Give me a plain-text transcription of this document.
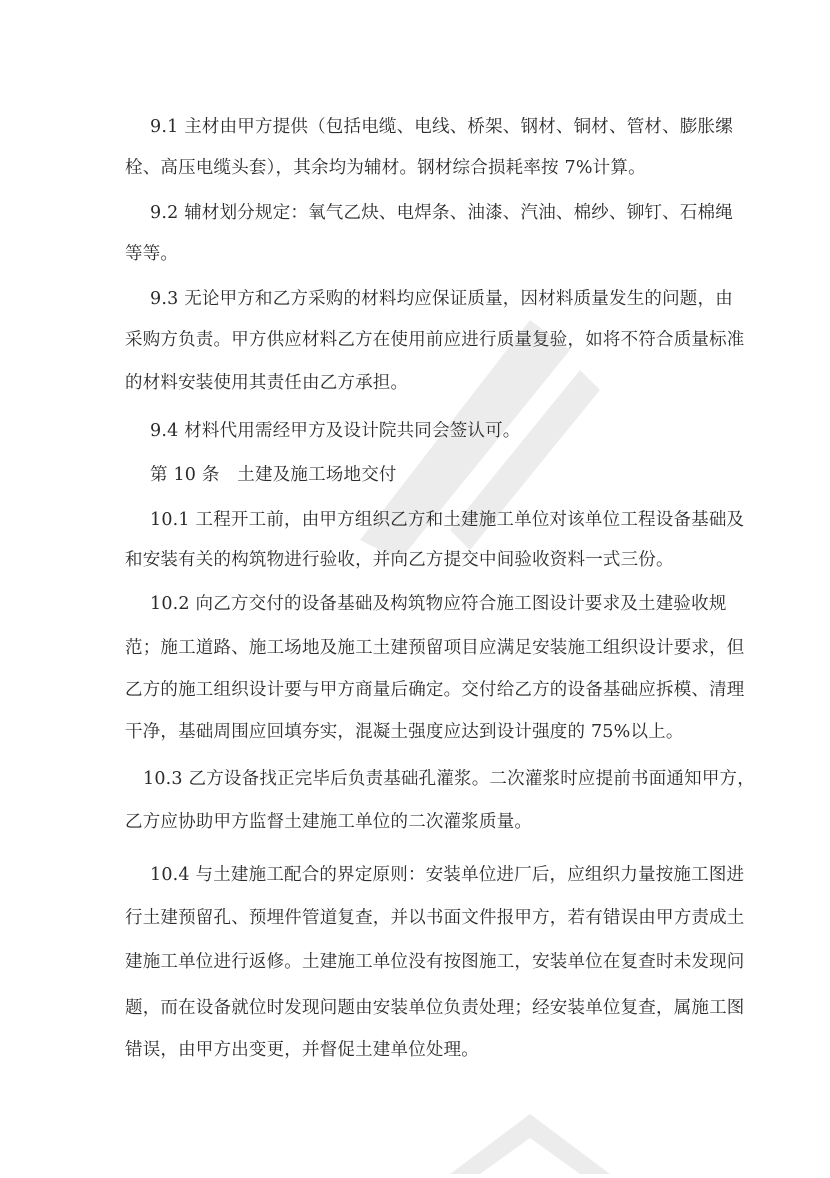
9.1 主材由甲方提供（包括电缆、电线、桥架、钢材、铜材、管材、膨胀缧
栓、高压电缆头套），其余均为辅材。钢材综合损耗率按 7%计算。
9.2 辅材划分规定：氧气乙炔、电焊条、油漆、汽油、棉纱、铆钉、石棉绳
等等。
9.3 无论甲方和乙方采购的材料均应保证质量，因材料质量发生的问题，由
采购方负责。甲方供应材料乙方在使用前应进行质量复验，如将不符合质量标准
的材料安装使用其责任由乙方承担。
9.4 材料代用需经甲方及设计院共同会签认可。
第 10 条　土建及施工场地交付
10.1 工程开工前，由甲方组织乙方和土建施工单位对该单位工程设备基础及
和安装有关的构筑物进行验收，并向乙方提交中间验收资料一式三份。
10.2 向乙方交付的设备基础及构筑物应符合施工图设计要求及土建验收规
范；施工道路、施工场地及施工土建预留项目应满足安装施工组织设计要求，但
乙方的施工组织设计要与甲方商量后确定。交付给乙方的设备基础应拆模、清理
干净，基础周围应回填夯实，混凝土强度应达到设计强度的 75%以上。
10.3 乙方设备找正完毕后负责基础孔灌浆。二次灌浆时应提前书面通知甲方，
乙方应协助甲方监督土建施工单位的二次灌浆质量。
10.4 与土建施工配合的界定原则：安装单位进厂后，应组织力量按施工图进
行土建预留孔、预埋件管道复查，并以书面文件报甲方，若有错误由甲方责成土
建施工单位进行返修。土建施工单位没有按图施工，安装单位在复查时未发现问
题，而在设备就位时发现问题由安装单位负责处理；经安装单位复查，属施工图
错误，由甲方出变更，并督促土建单位处理。
